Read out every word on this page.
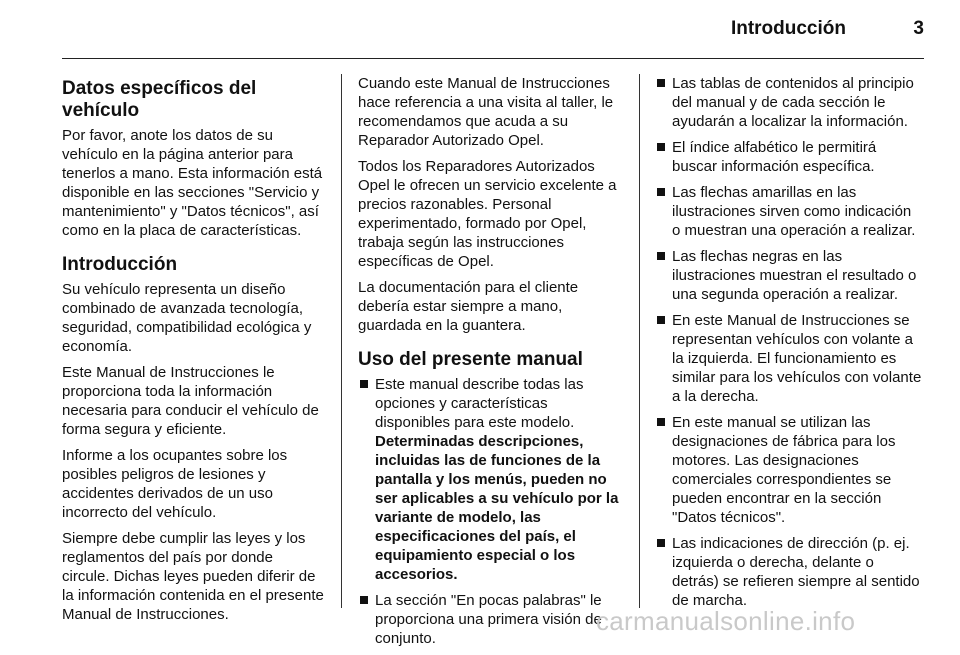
Introducción	3
Datos específicos del vehículo

Por favor, anote los datos de su vehículo en la página anterior para tenerlos a mano. Esta información está disponible en las secciones "Servicio y mantenimiento" y "Datos técnicos", así como en la placa de características.

Introducción

Su vehículo representa un diseño combinado de avanzada tecnología, seguridad, compatibilidad ecológica y economía.

Este Manual de Instrucciones le proporciona toda la información necesaria para conducir el vehículo de forma segura y eficiente.

Informe a los ocupantes sobre los posibles peligros de lesiones y accidentes derivados de un uso incorrecto del vehículo.

Siempre debe cumplir las leyes y los reglamentos del país por donde circule. Dichas leyes pueden diferir de la información contenida en el presente Manual de Instrucciones.

Cuando este Manual de Instrucciones hace referencia a una visita al taller, le recomendamos que acuda a su Reparador Autorizado Opel.

Todos los Reparadores Autorizados Opel le ofrecen un servicio excelente a precios razonables. Personal experimentado, formado por Opel, trabaja según las instrucciones específicas de Opel.

La documentación para el cliente debería estar siempre a mano, guardada en la guantera.

Uso del presente manual
Este manual describe todas las opciones y características disponibles para este modelo. Determinadas descripciones, incluidas las de funciones de la pantalla y los menús, pueden no ser aplicables a su vehículo por la variante de modelo, las especificaciones del país, el equipamiento especial o los accesorios.
La sección "En pocas palabras" le proporciona una primera visión de conjunto.
Las tablas de contenidos al principio del manual y de cada sección le ayudarán a localizar la información.
El índice alfabético le permitirá buscar información específica.
Las flechas amarillas en las ilustraciones sirven como indicación o muestran una operación a realizar.
Las flechas negras en las ilustraciones muestran el resultado o una segunda operación a realizar.
En este Manual de Instrucciones se representan vehículos con volante a la izquierda. El funcionamiento es similar para los vehículos con volante a la derecha.
En este manual se utilizan las designaciones de fábrica para los motores. Las designaciones comerciales correspondientes se pueden encontrar en la sección "Datos técnicos".
Las indicaciones de dirección (p. ej. izquierda o derecha, delante o detrás) se refieren siempre al sentido de marcha.
carmanualsonline.info
